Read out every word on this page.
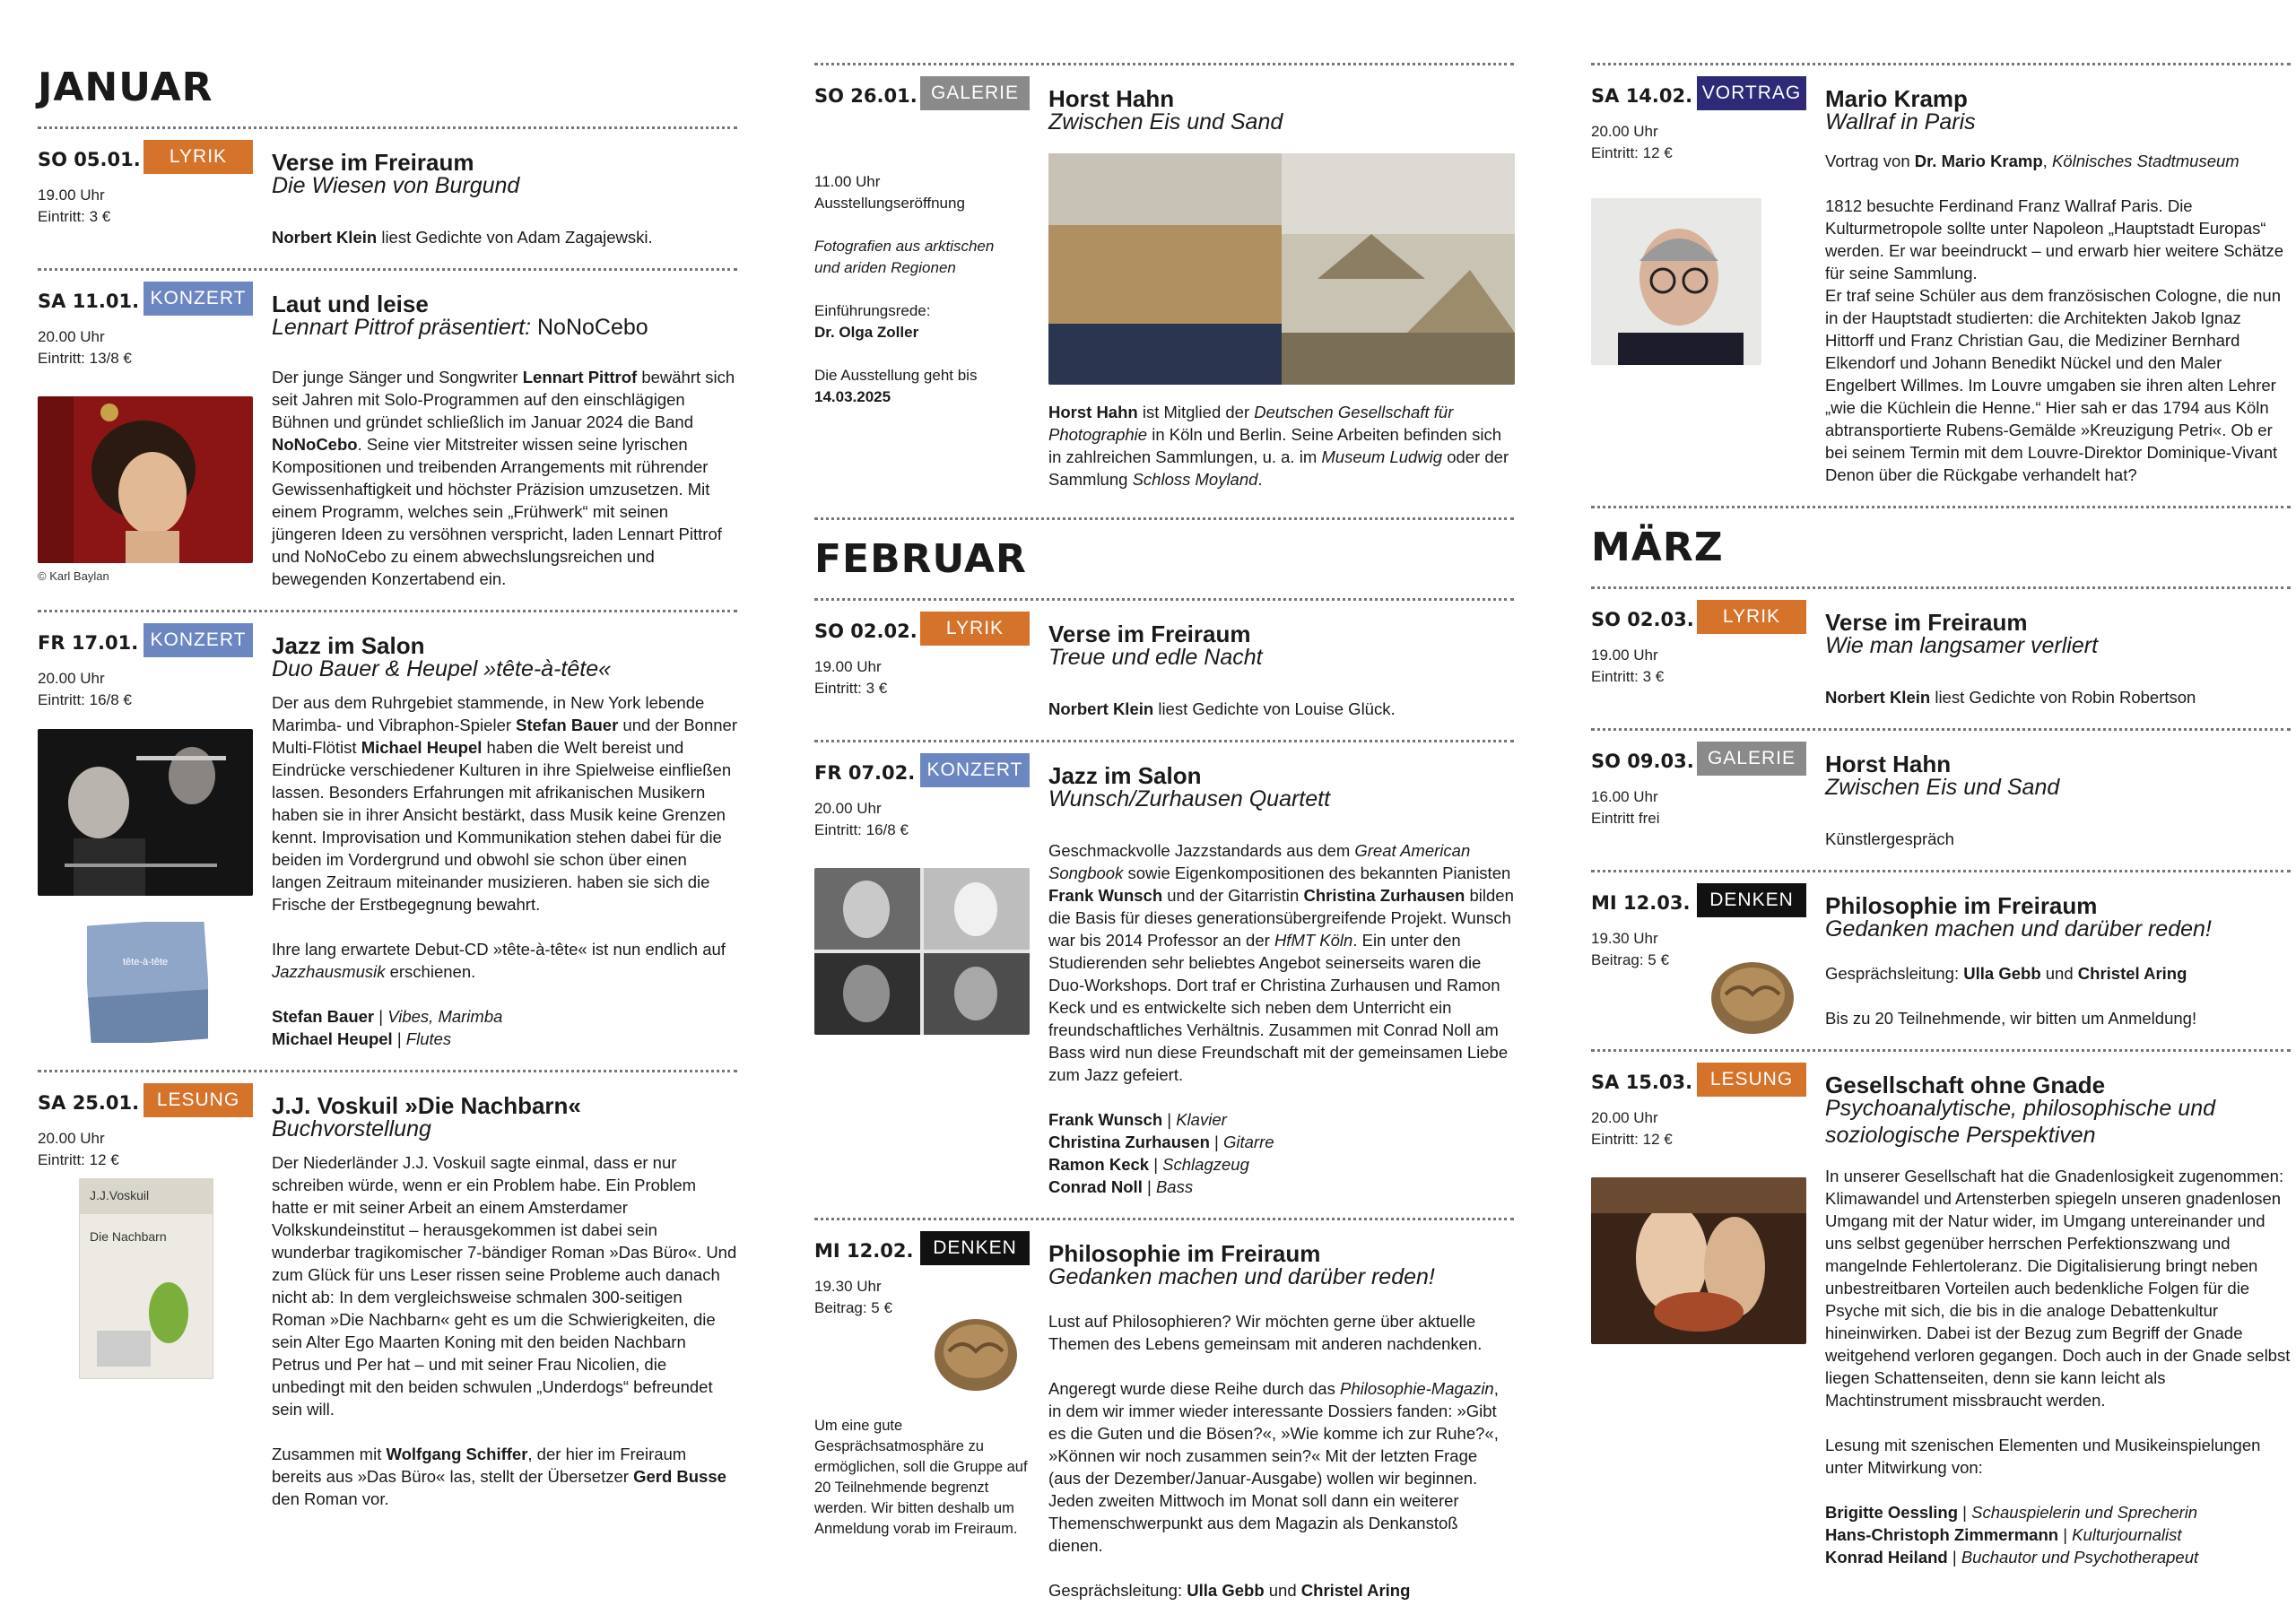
JANUAR
SO 05.01.	LYRIK	Verse im Freiraum
Die Wiesen von Burgund
19.00 Uhr
Eintritt: 3 €
Norbert Klein liest Gedichte von Adam Zagajewski.
SA 11.01. KONZERT Laut und leise
Lennart Pittrof präsentiert: NoNoCebo
20.00 Uhr
Eintritt: 13/8 €
© Karl Baylan
Der junge Sänger und Songwriter Lennart Pittrof bewährt sich seit Jahren mit Solo-Programmen auf den einschlägigen Bühnen und gründet schließlich im Januar 2024 die Band NoNoCebo. Seine vier Mitstreiter wissen seine lyrischen Kompositionen und treibenden Arrangements mit rührender Gewissenhaftigkeit und höchster Präzision umzusetzen. Mit einem Programm, welches sein „Frühwerk“ mit seinen jüngeren Ideen zu versöhnen verspricht, laden Lennart Pittrof und NoNoCebo zu einem abwechslungsreichen und bewegenden Konzertabend ein.
FR 17.01. KONZERT Jazz im Salon
Duo Bauer & Heupel »tête-à-tête«
20.00 Uhr
Eintritt: 16/8 €
tête-à-tête

Der aus dem Ruhrgebiet stammende, in New York lebende Marimba- und Vibraphon-Spieler Stefan Bauer und der Bonner Multi-Flötist Michael Heupel haben die Welt bereist und Eindrücke verschiedener Kulturen in ihre Spielweise einfließen lassen. Besonders Erfahrungen mit afrikanischen Musikern haben sie in ihrer Ansicht bestärkt, dass Musik keine Grenzen kennt. Improvisation und Kommunikation stehen dabei für die beiden im Vordergrund und obwohl sie schon über einen langen Zeitraum miteinander musizieren. haben sie sich die Frische der Erstbegegnung bewahrt.

Ihre lang erwartete Debut-CD »tête-à-tête« ist nun endlich auf Jazzhausmusik erschienen.

Stefan Bauer | Vibes, Marimba
Michael Heupel | Flutes

SA 25.01. LESUNG	J.J. Voskuil »Die Nachbarn«
Buchvorstellung
20.00 Uhr
Eintritt: 12 €
J.J.Voskuil
Die Nachbarn

Der Niederländer J.J. Voskuil sagte einmal, dass er nur schreiben würde, wenn er ein Problem habe. Ein Problem hatte er mit seiner Arbeit an einem Amsterdamer Volkskundeinstitut – herausgekommen ist dabei sein wunderbar tragikomischer 7-bändiger Roman »Das Büro«. Und zum Glück für uns Leser rissen seine Probleme auch danach nicht ab: In dem vergleichsweise schmalen 300-seitigen Roman »Die Nachbarn« geht es um die Schwierigkeiten, die sein Alter Ego Maarten Koning mit den beiden Nachbarn Petrus und Per hat – und mit seiner Frau Nicolien, die unbedingt mit den beiden schwulen „Underdogs“ befreundet sein will.

Zusammen mit Wolfgang Schiffer, der hier im Freiraum bereits aus »Das Büro« las, stellt der Übersetzer Gerd Busse den Roman vor.

SO 26.01. GALERIE	Horst Hahn
Zwischen Eis und Sand
11.00 Uhr
Ausstellungseröffnung

Fotografien aus arktischen
und ariden Regionen

Einführungsrede:
Dr. Olga Zoller

Die Ausstellung geht bis
14.03.2025
Horst Hahn ist Mitglied der Deutschen Gesellschaft für Photographie in Köln und Berlin. Seine Arbeiten befinden sich in zahlreichen Sammlungen, u. a. im Museum Ludwig oder der Sammlung Schloss Moyland.
FEBRUAR
SO 02.02.	LYRIK	Verse im Freiraum
Treue und edle Nacht
19.00 Uhr
Eintritt: 3 €
Norbert Klein liest Gedichte von Louise Glück.
FR 07.02. KONZERT Jazz im Salon
Wunsch/Zurhausen Quartett
20.00 Uhr
Eintritt: 16/8 €

Geschmackvolle Jazzstandards aus dem Great American Songbook sowie Eigenkompositionen des bekannten Pianisten Frank Wunsch und der Gitarristin Christina Zurhausen bilden die Basis für dieses generationsübergreifende Projekt. Wunsch war bis 2014 Professor an der HfMT Köln. Ein unter den Studierenden sehr beliebtes Angebot seinerseits waren die Duo-Workshops. Dort traf er Christina Zurhausen und Ramon Keck und es entwickelte sich neben dem Unterricht ein freundschaftliches Verhältnis. Zusammen mit Conrad Noll am Bass wird nun diese Freundschaft mit der gemeinsamen Liebe zum Jazz gefeiert.

Frank Wunsch | Klavier
Christina Zurhausen | Gitarre
Ramon Keck | Schlagzeug
Conrad Noll | Bass

MI 12.02.	DENKEN	Philosophie im Freiraum
Gedanken machen und darüber reden!
19.30 Uhr
Beitrag: 5 €
Um eine gute Gesprächsatmosphäre zu ermöglichen, soll die Gruppe auf 20 Teilnehmende begrenzt werden. Wir bitten deshalb um Anmeldung vorab im Freiraum.

Lust auf Philosophieren? Wir möchten gerne über aktuelle Themen des Lebens gemeinsam mit anderen nachdenken.

Angeregt wurde diese Reihe durch das Philosophie-Magazin, in dem wir immer wieder interessante Dossiers fanden: »Gibt es die Guten und die Bösen?«, »Wie komme ich zur Ruhe?«, »Können wir noch zusammen sein?« Mit der letzten Frage (aus der Dezember/Januar-Ausgabe) wollen wir beginnen. Jeden zweiten Mittwoch im Monat soll dann ein weiterer Themenschwerpunkt aus dem Magazin als Denkanstoß dienen.

Gesprächsleitung: Ulla Gebb und Christel Aring

SA 14.02. VORTRAG Mario Kramp
Wallraf in Paris
20.00 Uhr
Eintritt: 12 €	Vortrag von Dr. Mario Kramp, Kölnisches Stadtmuseum

1812 besuchte Ferdinand Franz Wallraf Paris. Die Kulturmetropole sollte unter Napoleon „Hauptstadt Europas“ werden. Er war beeindruckt – und erwarb hier weitere Schätze für seine Sammlung.

Er traf seine Schüler aus dem französischen Cologne, die nun in der Hauptstadt studierten: die Architekten Jakob Ignaz Hittorff und Franz Christian Gau, die Mediziner Bernhard Elkendorf und Johann Benedikt Nückel und den Maler Engelbert Willmes. Im Louvre umgaben sie ihren alten Lehrer „wie die Küchlein die Henne.“ Hier sah er das 1794 aus Köln abtransportierte Rubens-Gemälde »Kreuzigung Petri«. Ob er bei seinem Termin mit dem Louvre-Direktor Dominique-Vivant Denon über die Rückgabe verhandelt hat?

MÄRZ
SO 02.03.	LYRIK	Verse im Freiraum
Wie man langsamer verliert
19.00 Uhr
Eintritt: 3 €
Norbert Klein liest Gedichte von Robin Robertson
SO 09.03. GALERIE	Horst Hahn
Zwischen Eis und Sand
16.00 Uhr
Eintritt frei
Künstlergespräch
MI 12.03.	DENKEN	Philosophie im Freiraum
Gedanken machen und darüber reden!
19.30 Uhr
Beitrag: 5 €

Gesprächsleitung: Ulla Gebb und Christel Aring

Bis zu 20 Teilnehmende, wir bitten um Anmeldung!

SA 15.03. LESUNG	Gesellschaft ohne Gnade
Psychoanalytische, philosophische und soziologische Perspektiven
20.00 Uhr
Eintritt: 12 €

In unserer Gesellschaft hat die Gnadenlosigkeit zugenommen: Klimawandel und Artensterben spiegeln unseren gnadenlosen Umgang mit der Natur wider, im Umgang untereinander und uns selbst gegenüber herrschen Perfektionszwang und mangelnde Fehlertoleranz. Die Digitalisierung bringt neben unbestreitbaren Vorteilen auch bedenkliche Folgen für die Psyche mit sich, die bis in die analoge Debattenkultur hineinwirken. Dabei ist der Bezug zum Begriff der Gnade weitgehend verloren gegangen. Doch auch in der Gnade selbst liegen Schattenseiten, denn sie kann leicht als Machtinstrument missbraucht werden.

Lesung mit szenischen Elementen und Musikeinspielungen unter Mitwirkung von:

Brigitte Oessling | Schauspielerin und Sprecherin
Hans-Christoph Zimmermann | Kulturjournalist
Konrad Heiland | Buchautor und Psychotherapeut
